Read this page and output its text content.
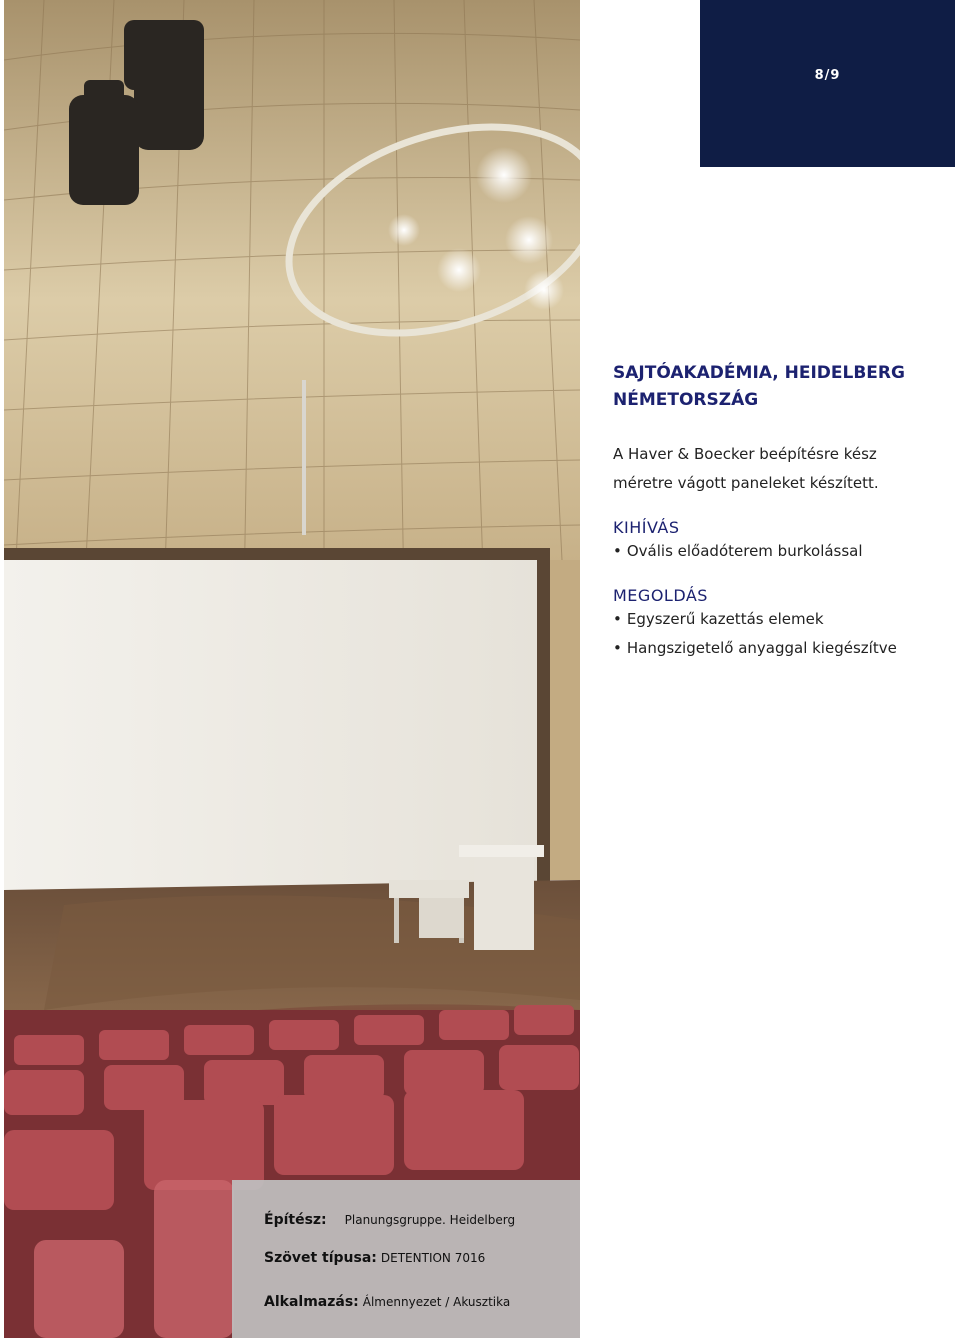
8/9
SAJTÓAKADÉMIA, HEIDELBERG
NÉMETORSZÁG
A Haver & Boecker beépítésre kész
méretre vágott paneleket készített.
KIHÍVÁS
• Ovális előadóterem burkolással
MEGOLDÁS
• Egyszerű kazettás elemek
• Hangszigetelő anyaggal kiegészítve
Építész: Planungsgruppe. Heidelberg
Szövet típusa: DETENTION 7016
Alkalmazás: Álmennyezet / Akusztika
